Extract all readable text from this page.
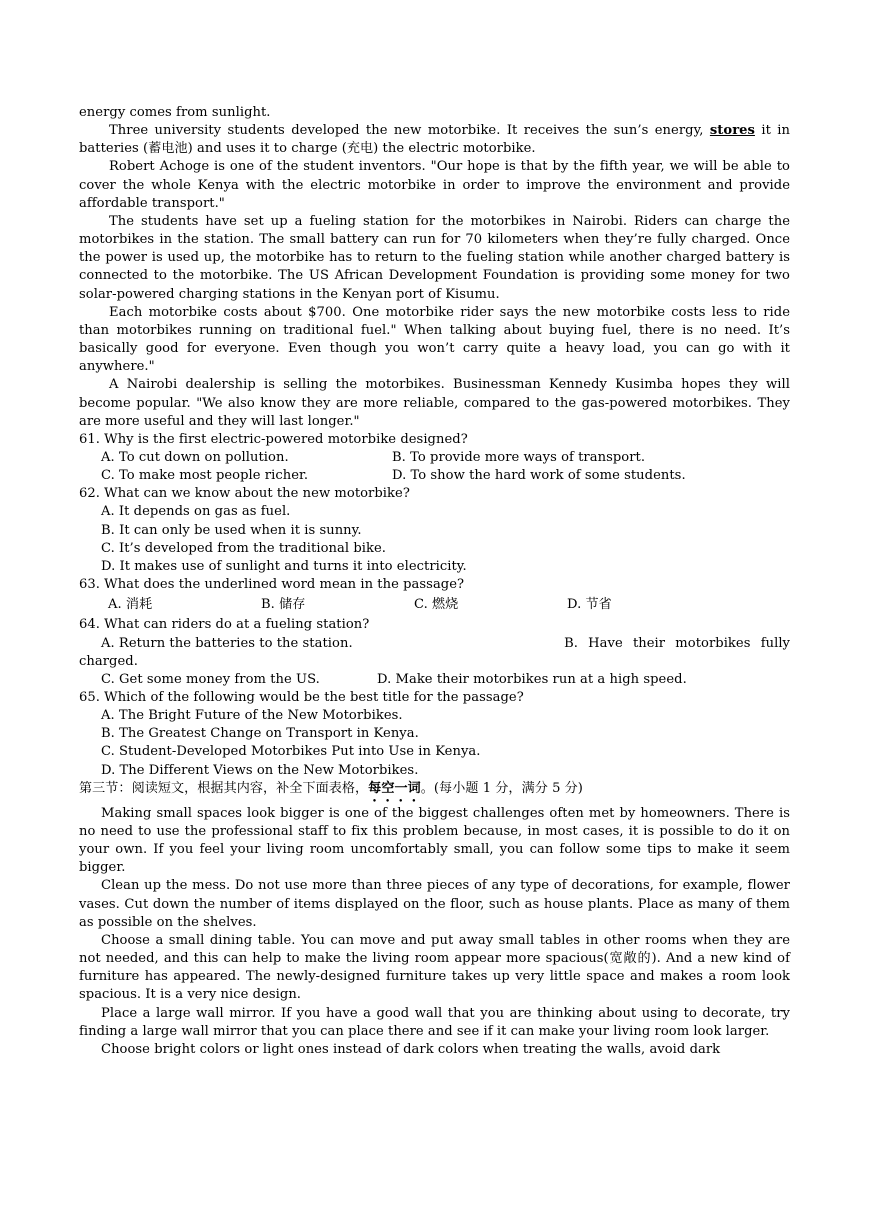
energy comes from sunlight.

Three university students developed the new motorbike. It receives the sun’s energy, stores it in batteries (蓄电池) and uses it to charge (充电) the electric motorbike.

Robert Achoge is one of the student inventors. "Our hope is that by the fifth year, we will be able to cover the whole Kenya with the electric motorbike in order to improve the environment and provide affordable transport."

The students have set up a fueling station for the motorbikes in Nairobi. Riders can charge the motorbikes in the station. The small battery can run for 70 kilometers when they’re fully charged. Once the power is used up, the motorbike has to return to the fueling station while another charged battery is connected to the motorbike. The US African Development Foundation is providing some money for two solar-powered charging stations in the Kenyan port of Kisumu.

Each motorbike costs about $700. One motorbike rider says the new motorbike costs less to ride than motorbikes running on traditional fuel." When talking about buying fuel, there is no need. It’s basically good for everyone. Even though you won’t carry quite a heavy load, you can go with it anywhere."

A Nairobi dealership is selling the motorbikes. Businessman Kennedy Kusimba hopes they will become popular. "We also know they are more reliable, compared to the gas-powered motorbikes. They are more useful and they will last longer."

61. Why is the first electric-powered motorbike designed?
A. To cut down on pollution.	B. To provide more ways of transport.
C. To make most people richer.	D. To show the hard work of some students.
62. What can we know about the new motorbike?
A. It depends on gas as fuel.
B. It can only be used when it is sunny.
C. It’s developed from the traditional bike.
D. It makes use of sunlight and turns it into electricity.
63. What does the underlined word mean in the passage?
A. 消耗	B. 储存	C. 燃烧	D. 节省
64. What can riders do at a fueling station?
A. Return the batteries to the station.	B. Have their motorbikes fully
charged.
C. Get some money from the US.	D. Make their motorbikes run at a high speed.
65. Which of the following would be the best title for the passage?
A. The Bright Future of the New Motorbikes.
B. The Greatest Change on Transport in Kenya.
C. Student-Developed Motorbikes Put into Use in Kenya.
D. The Different Views on the New Motorbikes.
第三节：阅读短文，根据其内容，补全下面表格，每空一词。(每小题 1 分，满分 5 分)

Making small spaces look bigger is one of the biggest challenges often met by homeowners. There is no need to use the professional staff to fix this problem because, in most cases, it is possible to do it on your own. If you feel your living room uncomfortably small, you can follow some tips to make it seem bigger.

Clean up the mess. Do not use more than three pieces of any type of decorations, for example, flower vases. Cut down the number of items displayed on the floor, such as house plants. Place as many of them as possible on the shelves.

Choose a small dining table. You can move and put away small tables in other rooms when they are not needed, and this can help to make the living room appear more spacious(宽敞的). And a new kind of furniture has appeared. The newly-designed furniture takes up very little space and makes a room look spacious. It is a very nice design.

Place a large wall mirror. If you have a good wall that you are thinking about using to decorate, try finding a large wall mirror that you can place there and see if it can make your living room look larger.

Choose bright colors or light ones instead of dark colors when treating the walls, avoid dark
